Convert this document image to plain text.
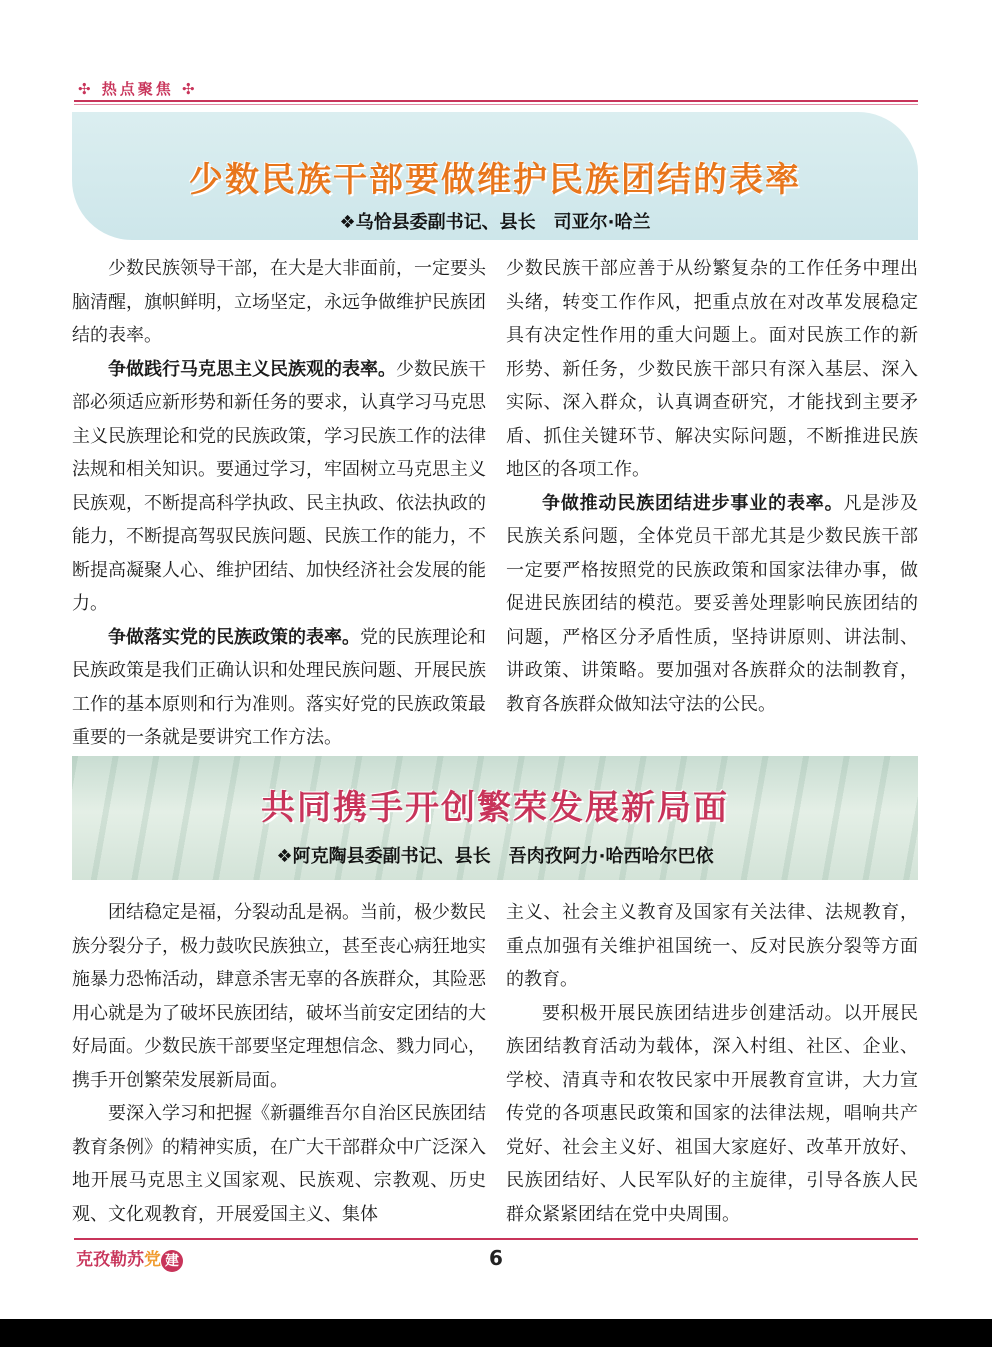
✣ 热点聚焦 ✣
少数民族干部要做维护民族团结的表率
❖乌恰县委副书记、县长　司亚尔·哈兰

少数民族领导干部，在大是大非面前，一定要头脑清醒，旗帜鲜明，立场坚定，永远争做维护民族团结的表率。

争做践行马克思主义民族观的表率。少数民族干部必须适应新形势和新任务的要求，认真学习马克思主义民族理论和党的民族政策，学习民族工作的法律法规和相关知识。要通过学习，牢固树立马克思主义民族观，不断提高科学执政、民主执政、依法执政的能力，不断提高驾驭民族问题、民族工作的能力，不断提高凝聚人心、维护团结、加快经济社会发展的能力。

争做落实党的民族政策的表率。党的民族理论和民族政策是我们正确认识和处理民族问题、开展民族工作的基本原则和行为准则。落实好党的民族政策最重要的一条就是要讲究工作方法。

少数民族干部应善于从纷繁复杂的工作任务中理出头绪，转变工作作风，把重点放在对改革发展稳定具有决定性作用的重大问题上。面对民族工作的新形势、新任务，少数民族干部只有深入基层、深入实际、深入群众，认真调查研究，才能找到主要矛盾、抓住关键环节、解决实际问题，不断推进民族地区的各项工作。

争做推动民族团结进步事业的表率。凡是涉及民族关系问题，全体党员干部尤其是少数民族干部一定要严格按照党的民族政策和国家法律办事，做促进民族团结的模范。要妥善处理影响民族团结的问题，严格区分矛盾性质，坚持讲原则、讲法制、讲政策、讲策略。要加强对各族群众的法制教育，教育各族群众做知法守法的公民。

共同携手开创繁荣发展新局面
❖阿克陶县委副书记、县长　吾肉孜阿力·哈西哈尔巴依

团结稳定是福，分裂动乱是祸。当前，极少数民族分裂分子，极力鼓吹民族独立，甚至丧心病狂地实施暴力恐怖活动，肆意杀害无辜的各族群众，其险恶用心就是为了破坏民族团结，破坏当前安定团结的大好局面。少数民族干部要坚定理想信念、戮力同心，携手开创繁荣发展新局面。

要深入学习和把握《新疆维吾尔自治区民族团结教育条例》的精神实质，在广大干部群众中广泛深入地开展马克思主义国家观、民族观、宗教观、历史观、文化观教育，开展爱国主义、集体

主义、社会主义教育及国家有关法律、法规教育，重点加强有关维护祖国统一、反对民族分裂等方面的教育。

要积极开展民族团结进步创建活动。以开展民族团结教育活动为载体，深入村组、社区、企业、学校、清真寺和农牧民家中开展教育宣讲，大力宣传党的各项惠民政策和国家的法律法规，唱响共产党好、社会主义好、祖国大家庭好、改革开放好、民族团结好、人民军队好的主旋律，引导各族人民群众紧紧团结在党中央周围。

克孜勒苏党 建	6
